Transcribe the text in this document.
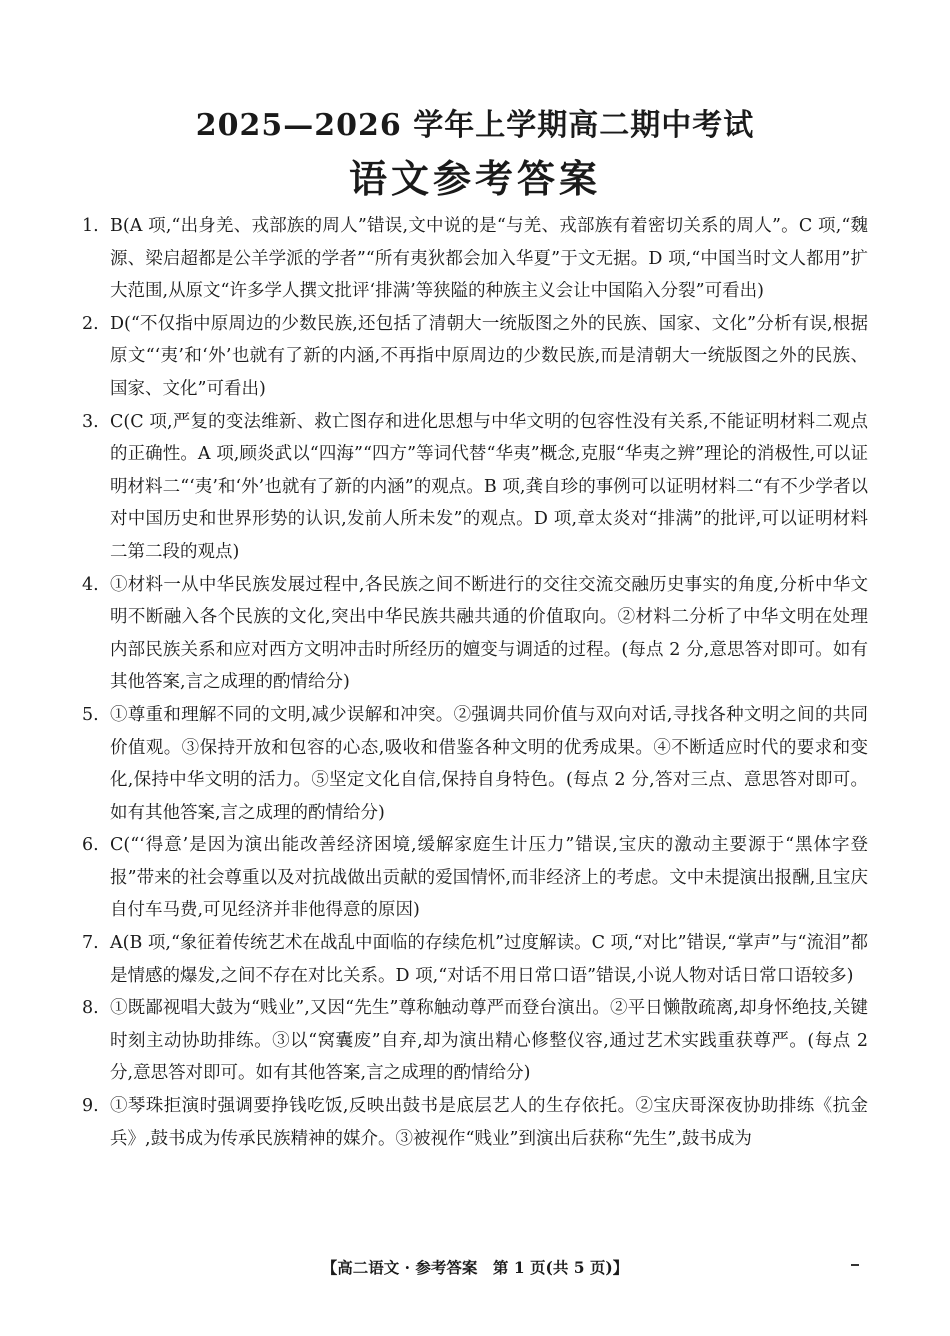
2025—2026 学年上学期高二期中考试
语文参考答案
1. B(A 项,“出身羌、戎部族的周人”错误,文中说的是“与羌、戎部族有着密切关系的周人”。C 项,“魏源、梁启超都是公羊学派的学者”“所有夷狄都会加入华夏”于文无据。D 项,“中国当时文人都用”扩大范围,从原文“许多学人撰文批评‘排满’等狭隘的种族主义会让中国陷入分裂”可看出)
2. D(“不仅指中原周边的少数民族,还包括了清朝大一统版图之外的民族、国家、文化”分析有误,根据原文“‘夷’和‘外’也就有了新的内涵,不再指中原周边的少数民族,而是清朝大一统版图之外的民族、国家、文化”可看出)
3. C(C 项,严复的变法维新、救亡图存和进化思想与中华文明的包容性没有关系,不能证明材料二观点的正确性。A 项,顾炎武以“四海”“四方”等词代替“华夷”概念,克服“华夷之辨”理论的消极性,可以证明材料二“‘夷’和‘外’也就有了新的内涵”的观点。B 项,龚自珍的事例可以证明材料二“有不少学者以对中国历史和世界形势的认识,发前人所未发”的观点。D 项,章太炎对“排满”的批评,可以证明材料二第二段的观点)
4. ①材料一从中华民族发展过程中,各民族之间不断进行的交往交流交融历史事实的角度,分析中华文明不断融入各个民族的文化,突出中华民族共融共通的价值取向。②材料二分析了中华文明在处理内部民族关系和应对西方文明冲击时所经历的嬗变与调适的过程。(每点 2 分,意思答对即可。如有其他答案,言之成理的酌情给分)
5. ①尊重和理解不同的文明,减少误解和冲突。②强调共同价值与双向对话,寻找各种文明之间的共同价值观。③保持开放和包容的心态,吸收和借鉴各种文明的优秀成果。④不断适应时代的要求和变化,保持中华文明的活力。⑤坚定文化自信,保持自身特色。(每点 2 分,答对三点、意思答对即可。如有其他答案,言之成理的酌情给分)
6. C(“‘得意’是因为演出能改善经济困境,缓解家庭生计压力”错误,宝庆的激动主要源于“黑体字登报”带来的社会尊重以及对抗战做出贡献的爱国情怀,而非经济上的考虑。文中未提演出报酬,且宝庆自付车马费,可见经济并非他得意的原因)
7. A(B 项,“象征着传统艺术在战乱中面临的存续危机”过度解读。C 项,“对比”错误,“掌声”与“流泪”都是情感的爆发,之间不存在对比关系。D 项,“对话不用日常口语”错误,小说人物对话日常口语较多)
8. ①既鄙视唱大鼓为“贱业”,又因“先生”尊称触动尊严而登台演出。②平日懒散疏离,却身怀绝技,关键时刻主动协助排练。③以“窝囊废”自弃,却为演出精心修整仪容,通过艺术实践重获尊严。(每点 2 分,意思答对即可。如有其他答案,言之成理的酌情给分)
9. ①琴珠拒演时强调要挣钱吃饭,反映出鼓书是底层艺人的生存依托。②宝庆哥深夜协助排练《抗金兵》,鼓书成为传承民族精神的媒介。③被视作“贱业”到演出后获称“先生”,鼓书成为
【高二语文 · 参考答案　第 1 页(共 5 页)】
